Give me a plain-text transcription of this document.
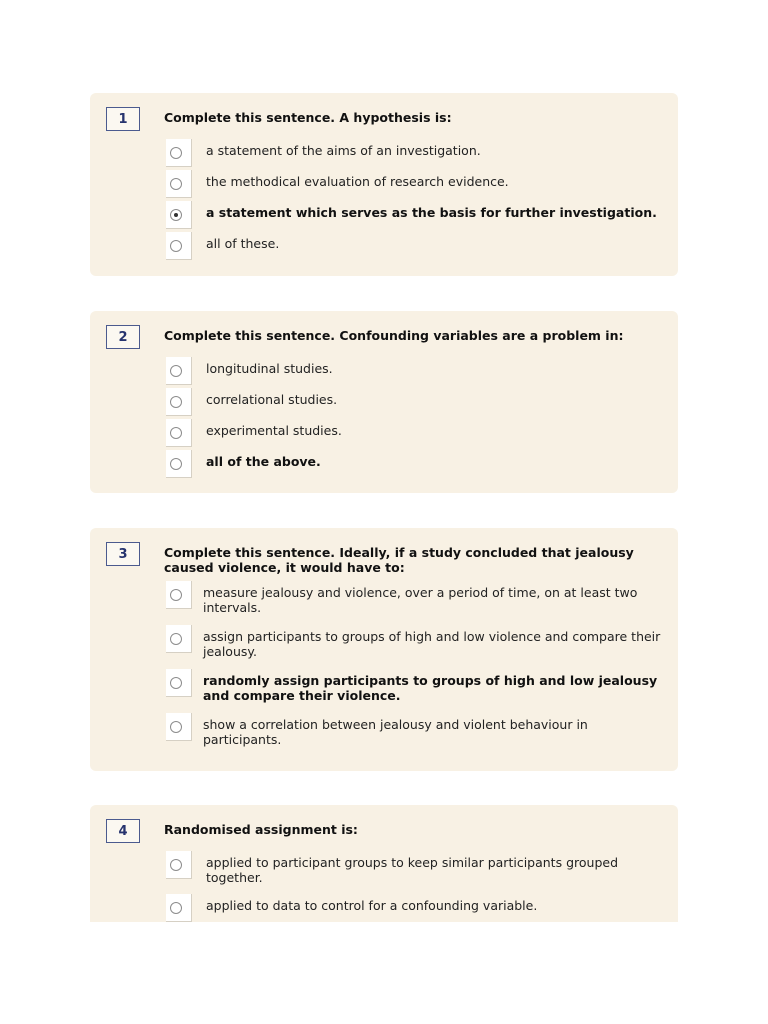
1	Complete this sentence. A hypothesis is:

a statement of the aims of an investigation.

the methodical evaluation of research evidence.

a statement which serves as the basis for further investigation.

all of these.

2	Complete this sentence. Confounding variables are a problem in:

longitudinal studies.

correlational studies.

experimental studies.

all of the above.

3	Complete this sentence. Ideally, if a study concluded that jealousy caused violence, it would have to:

measure jealousy and violence, over a period of time, on at least two intervals.

assign participants to groups of high and low violence and compare their jealousy.

randomly assign participants to groups of high and low jealousy and compare their violence.

show a correlation between jealousy and violent behaviour in participants.

4	Randomised assignment is:

applied to participant groups to keep similar participants grouped together.

applied to data to control for a confounding variable.
